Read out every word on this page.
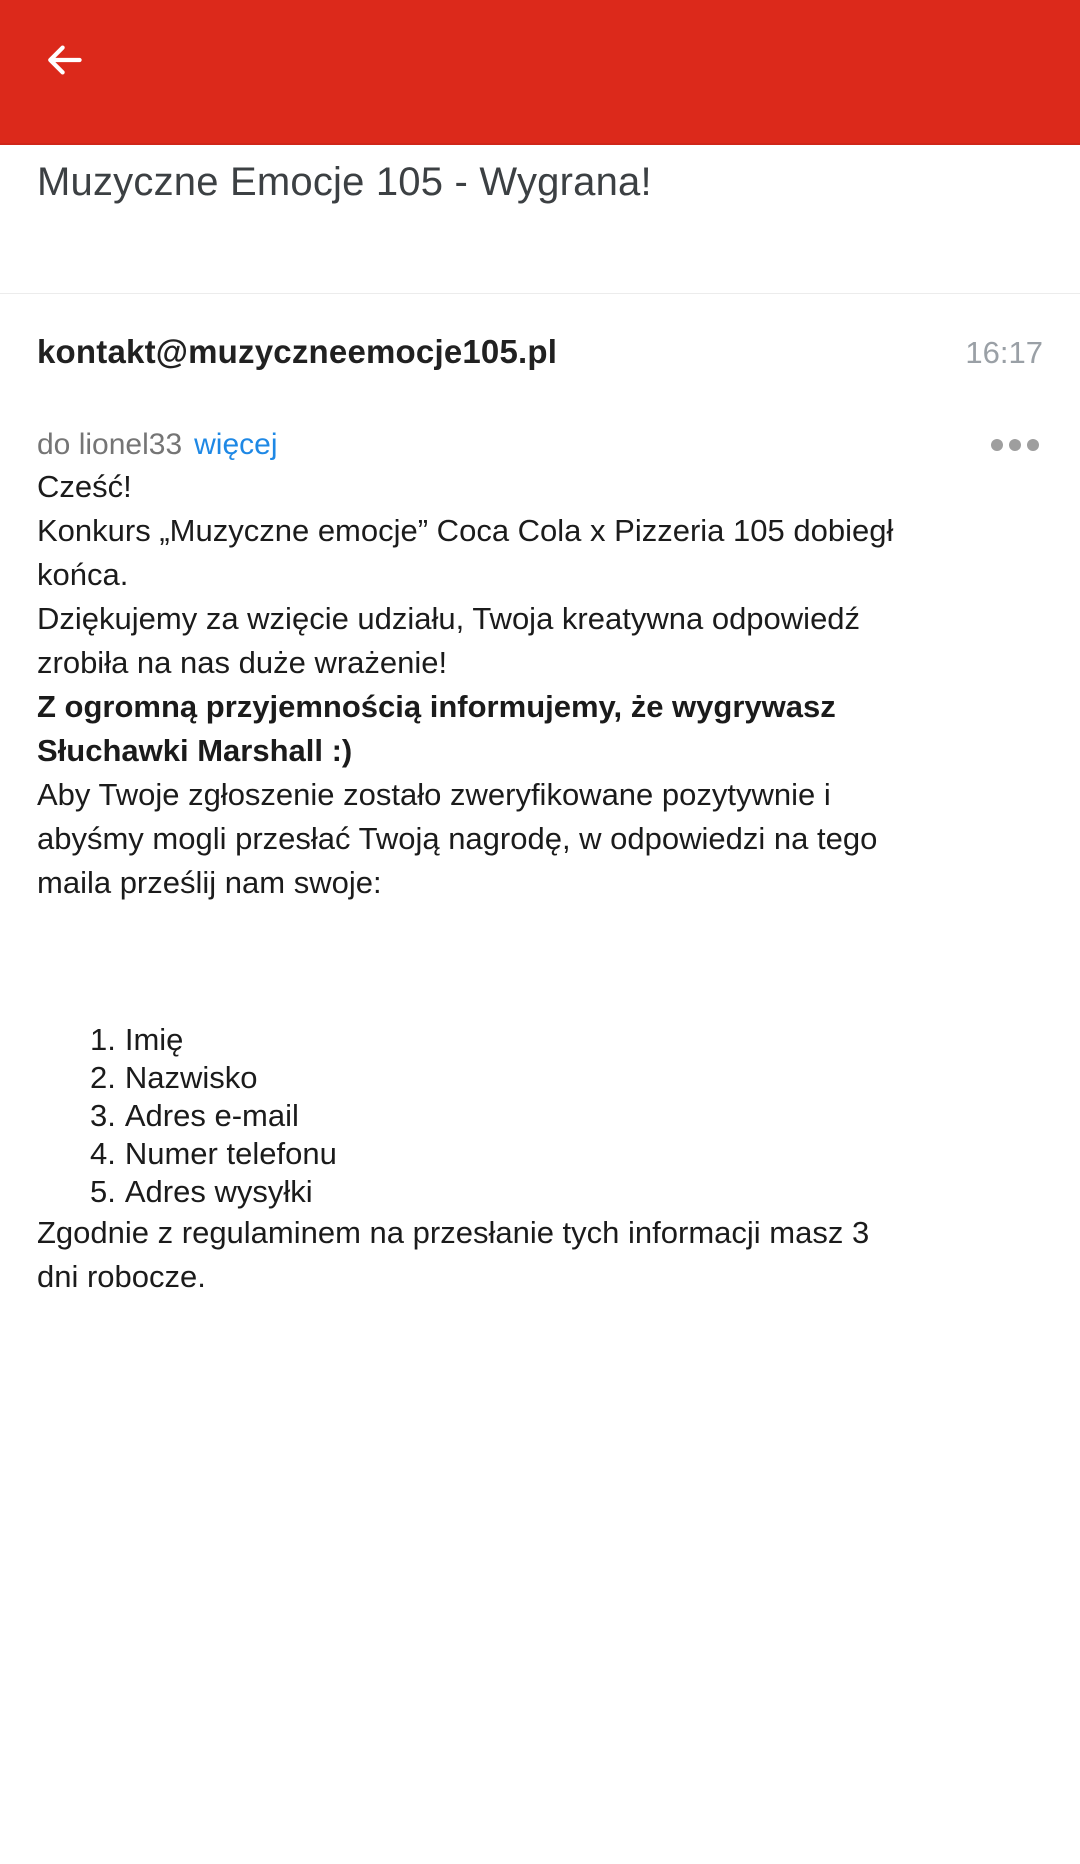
Muzyczne Emocje 105 - Wygrana!
kontakt@muzyczneemocje105.pl	16:17
do lionel33 więcej

Cześć!

Konkurs „Muzyczne emocje” Coca Cola x Pizzeria 105 dobiegł
końca.
Dziękujemy za wzięcie udziału, Twoja kreatywna odpowiedź
zrobiła na nas duże wrażenie!
Z ogromną przyjemnością informujemy, że wygrywasz
Słuchawki Marshall :)
Aby Twoje zgłoszenie zostało zweryfikowane pozytywnie i
abyśmy mogli przesłać Twoją nagrodę, w odpowiedzi na tego
maila prześlij nam swoje:
1. Imię
2. Nazwisko
3. Adres e-mail
4. Numer telefonu
5. Adres wysyłki
Zgodnie z regulaminem na przesłanie tych informacji masz 3
dni robocze.
